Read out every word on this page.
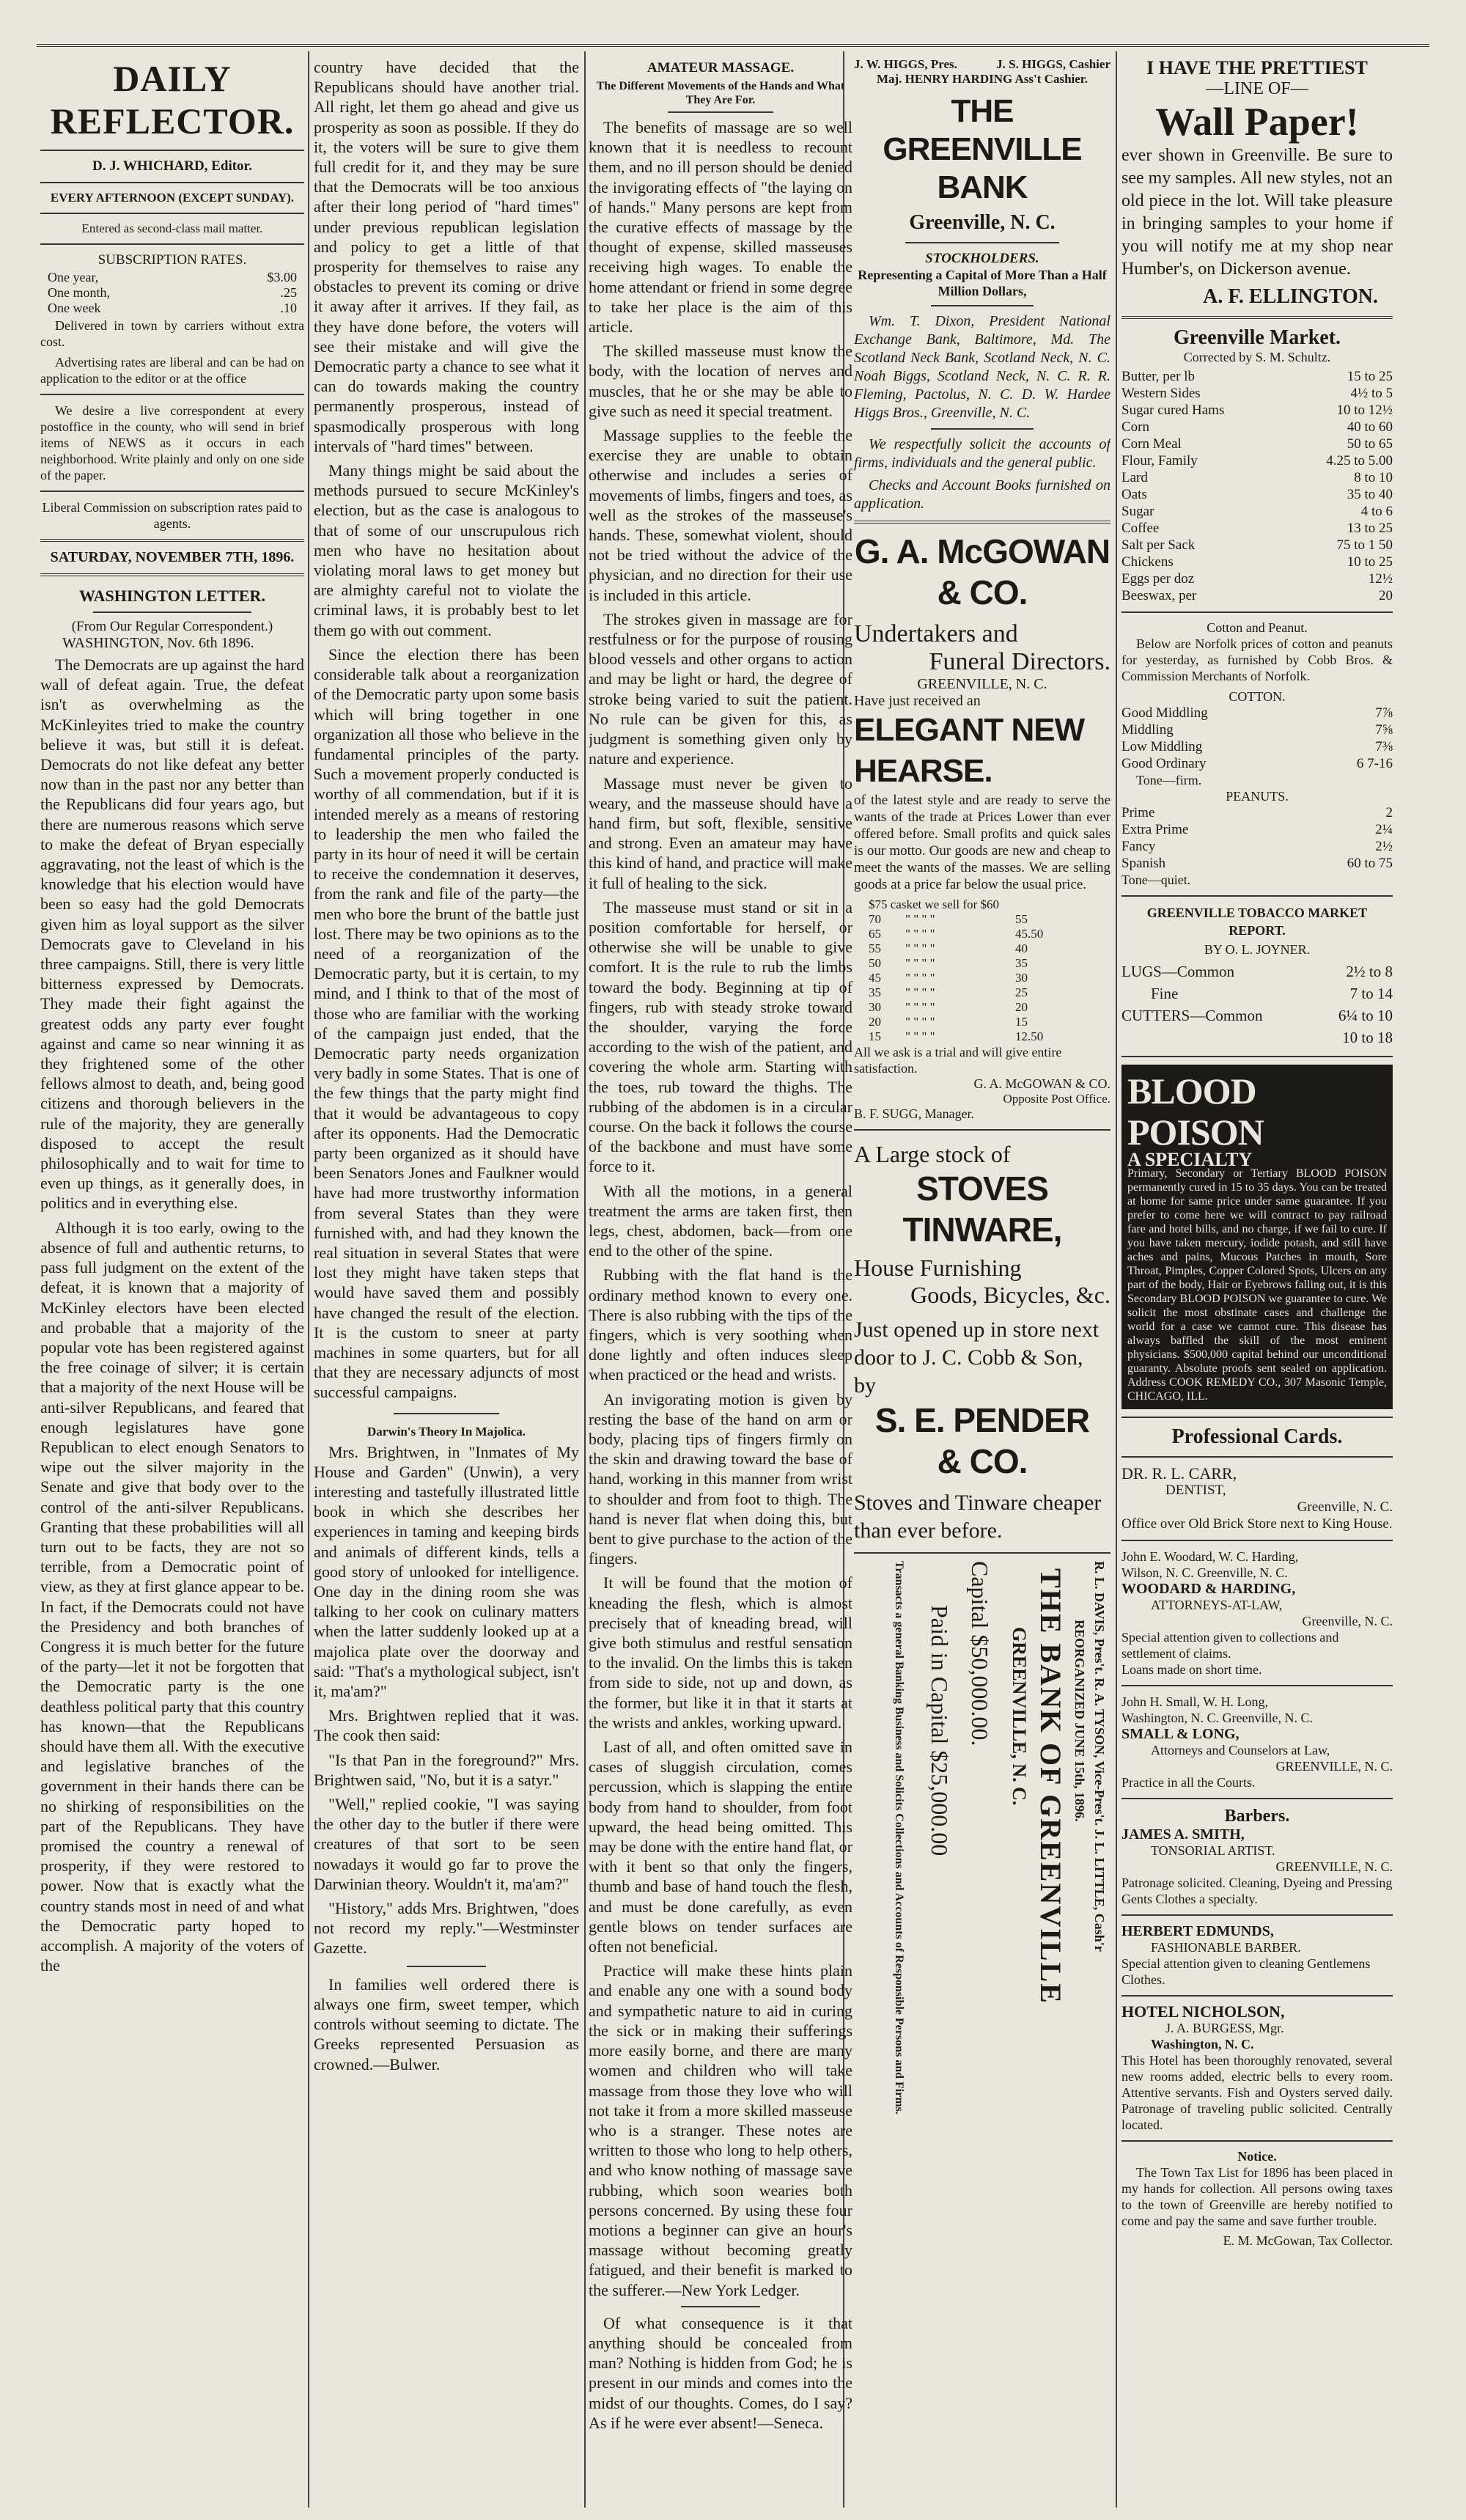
DAILY REFLECTOR.
D. J. WHICHARD, Editor.
EVERY AFTERNOON (EXCEPT SUNDAY).
Entered as second-class mail matter.
SUBSCRIPTION RATES.
One year,	$3.00
One month,	.25
One week	.10

Delivered in town by carriers without extra cost.

Advertising rates are liberal and can be had on application to the editor or at the office

We desire a live correspondent at every postoffice in the county, who will send in brief items of NEWS as it occurs in each neighborhood. Write plainly and only on one side of the paper.

Liberal Commission on subscription rates paid to agents.

SATURDAY, NOVEMBER 7TH, 1896.
WASHINGTON LETTER.
(From Our Regular Correspondent.)
WASHINGTON, Nov. 6th 1896.

The Democrats are up against the hard wall of defeat again. True, the defeat isn't as overwhelming as the McKinleyites tried to make the country believe it was, but still it is defeat. Democrats do not like defeat any better now than in the past nor any better than the Republicans did four years ago, but there are numerous reasons which serve to make the defeat of Bryan especially aggravating, not the least of which is the knowledge that his election would have been so easy had the gold Democrats given him as loyal support as the silver Democrats gave to Cleveland in his three campaigns. Still, there is very little bitterness expressed by Democrats. They made their fight against the greatest odds any party ever fought against and came so near winning it as they frightened some of the other fellows almost to death, and, being good citizens and thorough believers in the rule of the majority, they are generally disposed to accept the result philosophically and to wait for time to even up things, as it generally does, in politics and in everything else.

Although it is too early, owing to the absence of full and authentic returns, to pass full judgment on the extent of the defeat, it is known that a majority of McKinley electors have been elected and probable that a majority of the popular vote has been registered against the free coinage of silver; it is certain that a majority of the next House will be anti-silver Republicans, and feared that enough legislatures have gone Republican to elect enough Senators to wipe out the silver majority in the Senate and give that body over to the control of the anti-silver Republicans. Granting that these probabilities will all turn out to be facts, they are not so terrible, from a Democratic point of view, as they at first glance appear to be. In fact, if the Democrats could not have the Presidency and both branches of Congress it is much better for the future of the party—let it not be forgotten that the Democratic party is the one deathless political party that this country has known—that the Republicans should have them all. With the executive and legislative branches of the government in their hands there can be no shirking of responsibilities on the part of the Republicans. They have promised the country a renewal of prosperity, if they were restored to power. Now that is exactly what the country stands most in need of and what the Democratic party hoped to accomplish. A majority of the voters of the

country have decided that the Republicans should have another trial. All right, let them go ahead and give us prosperity as soon as possible. If they do it, the voters will be sure to give them full credit for it, and they may be sure that the Democrats will be too anxious after their long period of "hard times" under previous republican legislation and policy to get a little of that prosperity for themselves to raise any obstacles to prevent its coming or drive it away after it arrives. If they fail, as they have done before, the voters will see their mistake and will give the Democratic party a chance to see what it can do towards making the country permanently prosperous, instead of spasmodically prosperous with long intervals of "hard times" between.

Many things might be said about the methods pursued to secure McKinley's election, but as the case is analogous to that of some of our unscrupulous rich men who have no hesitation about violating moral laws to get money but are almighty careful not to violate the criminal laws, it is probably best to let them go with out comment.

Since the election there has been considerable talk about a reorganization of the Democratic party upon some basis which will bring together in one organization all those who believe in the fundamental principles of the party. Such a movement properly conducted is worthy of all commendation, but if it is intended merely as a means of restoring to leadership the men who failed the party in its hour of need it will be certain to receive the condemnation it deserves, from the rank and file of the party—the men who bore the brunt of the battle just lost. There may be two opinions as to the need of a reorganization of the Democratic party, but it is certain, to my mind, and I think to that of the most of those who are familiar with the working of the campaign just ended, that the Democratic party needs organization very badly in some States. That is one of the few things that the party might find that it would be advantageous to copy after its opponents. Had the Democratic party been organized as it should have been Senators Jones and Faulkner would have had more trustworthy information from several States than they were furnished with, and had they known the real situation in several States that were lost they might have taken steps that would have saved them and possibly have changed the result of the election. It is the custom to sneer at party machines in some quarters, but for all that they are necessary adjuncts of most successful campaigns.

Darwin's Theory In Majolica.

Mrs. Brightwen, in "Inmates of My House and Garden" (Unwin), a very interesting and tastefully illustrated little book in which she describes her experiences in taming and keeping birds and animals of different kinds, tells a good story of unlooked for intelligence. One day in the dining room she was talking to her cook on culinary matters when the latter suddenly looked up at a majolica plate over the doorway and said: "That's a mythological subject, isn't it, ma'am?"

Mrs. Brightwen replied that it was. The cook then said:

"Is that Pan in the foreground?" Mrs. Brightwen said, "No, but it is a satyr."

"Well," replied cookie, "I was saying the other day to the butler if there were creatures of that sort to be seen nowadays it would go far to prove the Darwinian theory. Wouldn't it, ma'am?"

"History," adds Mrs. Brightwen, "does not record my reply."—Westminster Gazette.

In families well ordered there is always one firm, sweet temper, which controls without seeming to dictate. The Greeks represented Persuasion as crowned.—Bulwer.

AMATEUR MASSAGE.
The Different Movements of the Hands and What They Are For.

The benefits of massage are so well known that it is needless to recount them, and no ill person should be denied the invigorating effects of "the laying on of hands." Many persons are kept from the curative effects of massage by the thought of expense, skilled masseuses receiving high wages. To enable the home attendant or friend in some degree to take her place is the aim of this article.

The skilled masseuse must know the body, with the location of nerves and muscles, that he or she may be able to give such as need it special treatment.

Massage supplies to the feeble the exercise they are unable to obtain otherwise and includes a series of movements of limbs, fingers and toes, as well as the strokes of the masseuse's hands. These, somewhat violent, should not be tried without the advice of the physician, and no direction for their use is included in this article.

The strokes given in massage are for restfulness or for the purpose of rousing blood vessels and other organs to action and may be light or hard, the degree of stroke being varied to suit the patient. No rule can be given for this, as judgment is something given only by nature and experience.

Massage must never be given to weary, and the masseuse should have a hand firm, but soft, flexible, sensitive and strong. Even an amateur may have this kind of hand, and practice will make it full of healing to the sick.

The masseuse must stand or sit in a position comfortable for herself, or otherwise she will be unable to give comfort. It is the rule to rub the limbs toward the body. Beginning at tip of fingers, rub with steady stroke toward the shoulder, varying the force according to the wish of the patient, and covering the whole arm. Starting with the toes, rub toward the thighs. The rubbing of the abdomen is in a circular course. On the back it follows the course of the backbone and must have some force to it.

With all the motions, in a general treatment the arms are taken first, then legs, chest, abdomen, back—from one end to the other of the spine.

Rubbing with the flat hand is the ordinary method known to every one. There is also rubbing with the tips of the fingers, which is very soothing when done lightly and often induces sleep when practiced or the head and wrists.

An invigorating motion is given by resting the base of the hand on arm or body, placing tips of fingers firmly on the skin and drawing toward the base of hand, working in this manner from wrist to shoulder and from foot to thigh. The hand is never flat when doing this, but bent to give purchase to the action of the fingers.

It will be found that the motion of kneading the flesh, which is almost precisely that of kneading bread, will give both stimulus and restful sensation to the invalid. On the limbs this is taken from side to side, not up and down, as the former, but like it in that it starts at the wrists and ankles, working upward.

Last of all, and often omitted save in cases of sluggish circulation, comes percussion, which is slapping the entire body from hand to shoulder, from foot upward, the head being omitted. This may be done with the entire hand flat, or with it bent so that only the fingers, thumb and base of hand touch the flesh, and must be done carefully, as even gentle blows on tender surfaces are often not beneficial.

Practice will make these hints plain and enable any one with a sound body and sympathetic nature to aid in curing the sick or in making their sufferings more easily borne, and there are many women and children who will take massage from those they love who will not take it from a more skilled masseuse who is a stranger. These notes are written to those who long to help others, and who know nothing of massage save rubbing, which soon wearies both persons concerned. By using these four motions a beginner can give an hour's massage without becoming greatly fatigued, and their benefit is marked to the sufferer.—New York Ledger.

Of what consequence is it that anything should be concealed from man? Nothing is hidden from God; he is present in our minds and comes into the midst of our thoughts. Comes, do I say? As if he were ever absent!—Seneca.

J. W. HIGGS, Pres.	J. S. HIGGS, Cashier
Maj. HENRY HARDING Ass't Cashier.
THE GREENVILLE BANK
Greenville, N. C.
STOCKHOLDERS.
Representing a Capital of More Than a Half Million Dollars,

Wm. T. Dixon, President National Exchange Bank, Baltimore, Md. The Scotland Neck Bank, Scotland Neck, N. C. Noah Biggs, Scotland Neck, N. C. R. R. Fleming, Pactolus, N. C. D. W. Hardee Higgs Bros., Greenville, N. C.

We respectfully solicit the accounts of firms, individuals and the general public.

Checks and Account Books furnished on application.

G. A. McGOWAN & CO.
Undertakers and
Funeral Directors.
GREENVILLE, N. C.
Have just received an
ELEGANT NEW HEARSE.

of the latest style and are ready to serve the wants of the trade at Prices Lower than ever offered before. Small profits and quick sales is our motto. Our goods are new and cheap to meet the wants of the masses. We are selling goods at a price far below the usual price.

$75 casket we sell for $60
70	" " " "	55
65	" " " "	45.50
55	" " " "	40
50	" " " "	35
45	" " " "	30
35	" " " "	25
30	" " " "	20
20	" " " "	15
15	" " " "	12.50
All we ask is a trial and will give entire satisfaction.
G. A. McGOWAN & CO.
Opposite Post Office.
B. F. SUGG, Manager.
A Large stock of
STOVES TINWARE,
House Furnishing
Goods, Bicycles, &c.
Just opened up in store next door to J. C. Cobb & Son, by
S. E. PENDER
& CO.
Stoves and Tinware cheaper than ever before.
R. L. DAVIS, Pres't. R. A. TYSON, Vice-Pres't. J. L. LITTLE, Cash'r
REORGANIZED JUNE 15th, 1896.
THE BANK OF GREENVILLE
GREENVILLE, N. C.
Capital $50,000.00.
Paid in Capital $25,000.00
Transacts a general Banking Business and Solicits Collections and Accounts of Responsible Persons and Firms.
I HAVE THE PRETTIEST
—LINE OF—
Wall Paper!

ever shown in Greenville. Be sure to see my samples. All new styles, not an old piece in the lot. Will take pleasure in bringing samples to your home if you will notify me at my shop near Humber's, on Dickerson avenue.

A. F. ELLINGTON.
Greenville Market.
Corrected by S. M. Schultz.
Butter, per lb	15 to 25
Western Sides	4½ to 5
Sugar cured Hams	10 to 12½
Corn	40 to 60
Corn Meal	50 to 65
Flour, Family	4.25 to 5.00
Lard	8 to 10
Oats	35 to 40
Sugar	4 to 6
Coffee	13 to 25
Salt per Sack	75 to 1 50
Chickens	10 to 25
Eggs per doz	12½
Beeswax, per	20
Cotton and Peanut.

Below are Norfolk prices of cotton and peanuts for yesterday, as furnished by Cobb Bros. & Commission Merchants of Norfolk.

COTTON.
Good Middling	7⅞
Middling	7⅝
Low Middling	7⅜
Good Ordinary	6 7-16
Tone—firm.
PEANUTS.
Prime	2
Extra Prime	2¼
Fancy	2½
Spanish	60 to 75
Tone—quiet.
GREENVILLE TOBACCO MARKET REPORT.
BY O. L. JOYNER.
LUGS—Common	2½ to 8
Fine	7 to 14
CUTTERS—Common	6¼ to 10
	10 to 18
BLOOD POISON
A SPECIALTY
Primary, Secondary or Tertiary BLOOD POISON permanently cured in 15 to 35 days. You can be treated at home for same price under same guarantee. If you prefer to come here we will contract to pay railroad fare and hotel bills, and no charge, if we fail to cure. If you have taken mercury, iodide potash, and still have aches and pains, Mucous Patches in mouth, Sore Throat, Pimples, Copper Colored Spots, Ulcers on any part of the body, Hair or Eyebrows falling out, it is this Secondary BLOOD POISON we guarantee to cure. We solicit the most obstinate cases and challenge the world for a case we cannot cure. This disease has always baffled the skill of the most eminent physicians. $500,000 capital behind our unconditional guaranty. Absolute proofs sent sealed on application. Address COOK REMEDY CO., 307 Masonic Temple, CHICAGO, ILL.
Professional Cards.
DR. R. L. CARR,
DENTIST,
Greenville, N. C.
Office over Old Brick Store next to King House.
John E. Woodard, W. C. Harding,
Wilson, N. C. Greenville, N. C.
WOODARD & HARDING,
ATTORNEYS-AT-LAW,
Greenville, N. C.
Special attention given to collections and settlement of claims.
Loans made on short time.
John H. Small, W. H. Long,
Washington, N. C. Greenville, N. C.
SMALL & LONG,
Attorneys and Counselors at Law,
GREENVILLE, N. C.
Practice in all the Courts.
Barbers.
JAMES A. SMITH,
TONSORIAL ARTIST.
GREENVILLE, N. C.
Patronage solicited. Cleaning, Dyeing and Pressing Gents Clothes a specialty.
HERBERT EDMUNDS,
FASHIONABLE BARBER.
Special attention given to cleaning Gentlemens Clothes.
HOTEL NICHOLSON,
J. A. BURGESS, Mgr.
Washington, N. C.
This Hotel has been thoroughly renovated, several new rooms added, electric bells to every room. Attentive servants. Fish and Oysters served daily. Patronage of traveling public solicited. Centrally located.
Notice.

The Town Tax List for 1896 has been placed in my hands for collection. All persons owing taxes to the town of Greenville are hereby notified to come and pay the same and save further trouble.

E. M. McGowan, Tax Collector.
